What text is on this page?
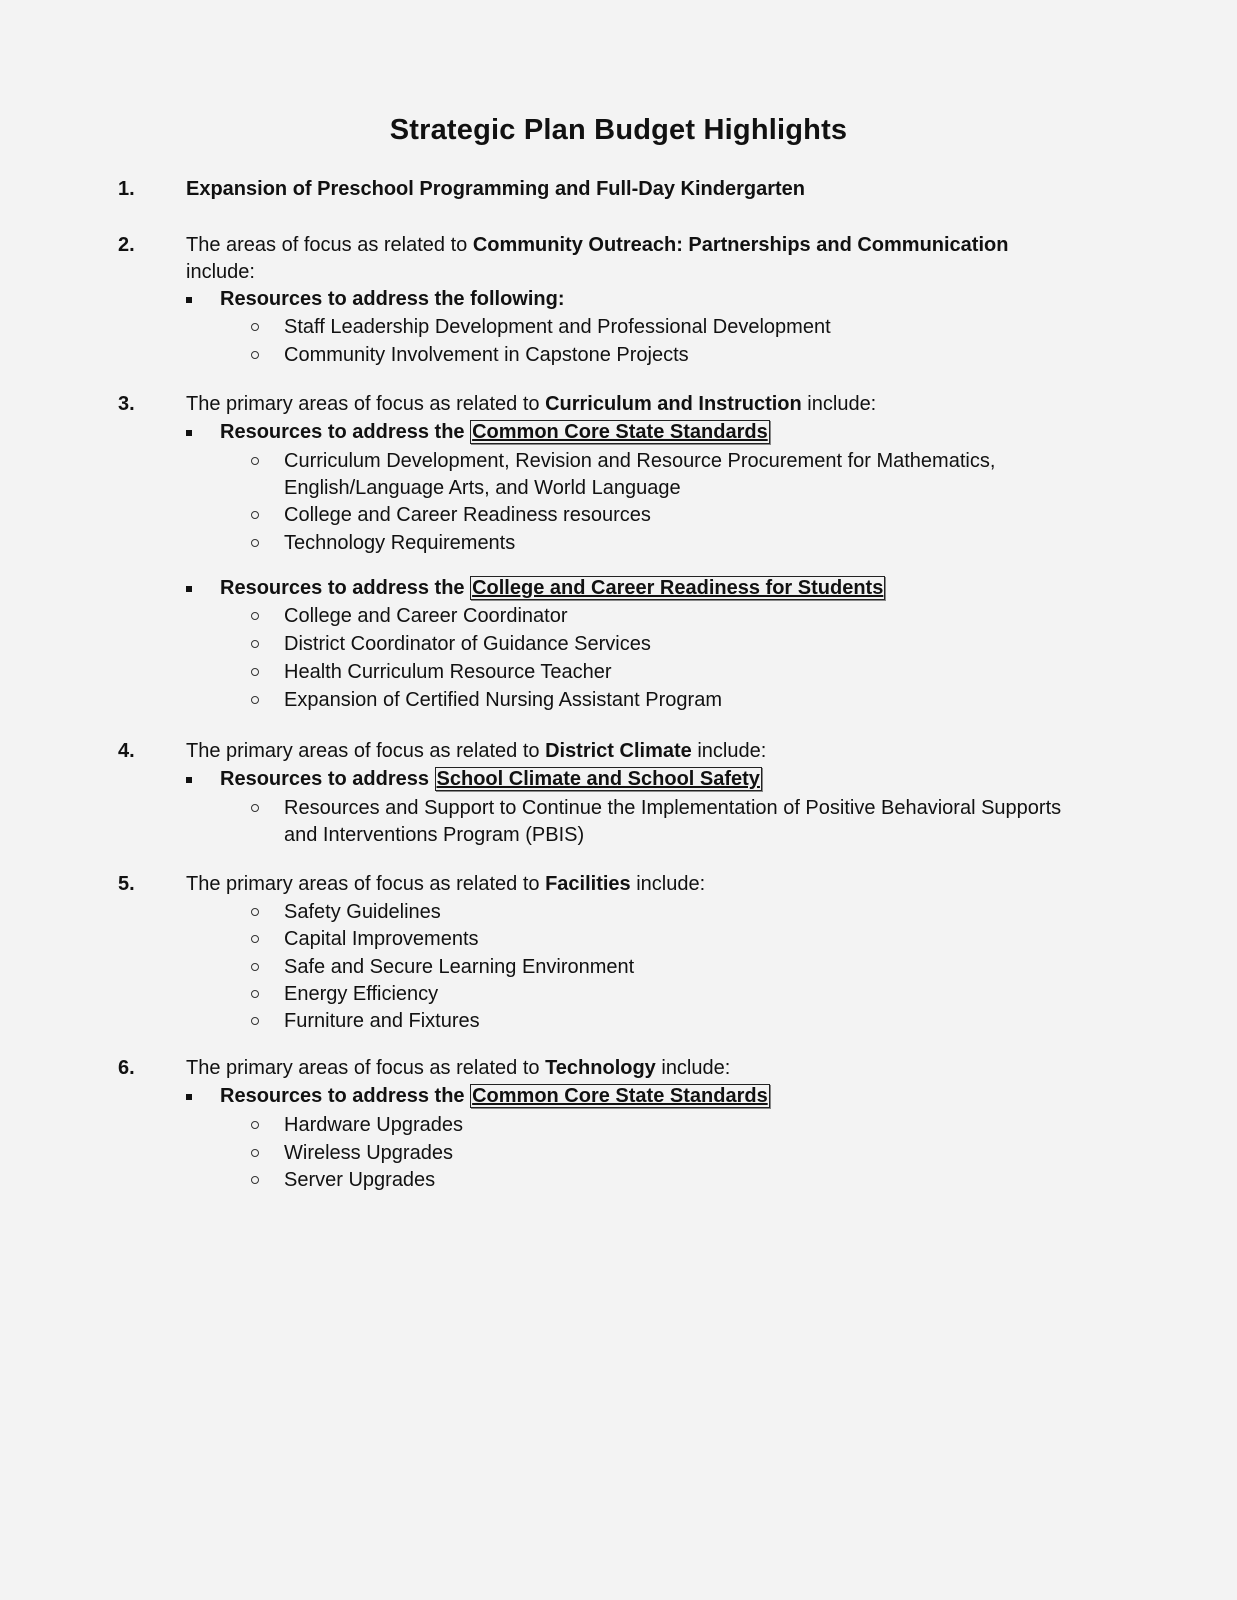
Strategic Plan Budget Highlights
1.	Expansion of Preschool Programming and Full-Day Kindergarten
2.	The areas of focus as related to Community Outreach: Partnerships and Communication include:
Resources to address the following:
Staff Leadership Development and Professional Development
Community Involvement in Capstone Projects
3.	The primary areas of focus as related to Curriculum and Instruction include:
Resources to address the Common Core State Standards
Curriculum Development, Revision and Resource Procurement for Mathematics, English/Language Arts, and World Language
College and Career Readiness resources
Technology Requirements
Resources to address the College and Career Readiness for Students
College and Career Coordinator
District Coordinator of Guidance Services
Health Curriculum Resource Teacher
Expansion of Certified Nursing Assistant Program
4.	The primary areas of focus as related to District Climate include:
Resources to address School Climate and School Safety
Resources and Support to Continue the Implementation of Positive Behavioral Supports and Interventions Program (PBIS)
5.	The primary areas of focus as related to Facilities include:
Safety Guidelines
Capital Improvements
Safe and Secure Learning Environment
Energy Efficiency
Furniture and Fixtures
6.	The primary areas of focus as related to Technology include:
Resources to address the Common Core State Standards
Hardware Upgrades
Wireless Upgrades
Server Upgrades
